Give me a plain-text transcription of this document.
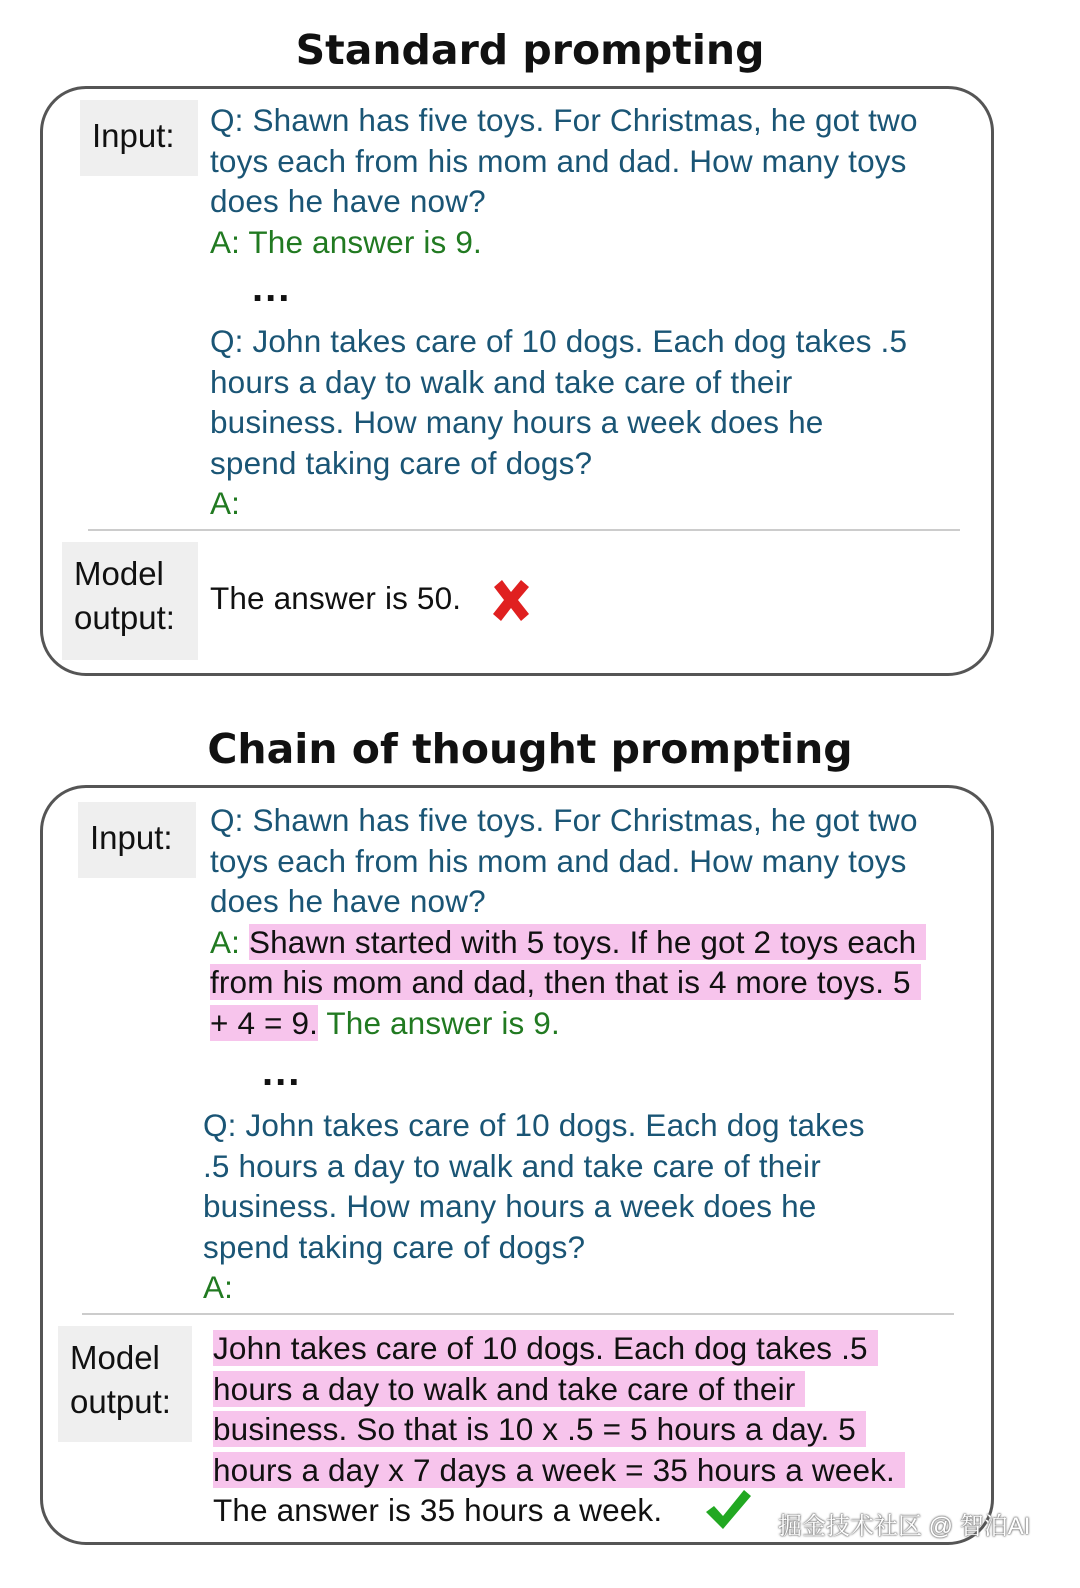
Standard prompting
Input:	Q: Shawn has five toys. For Christmas, he got two
toys each from his mom and dad. How many toys
does he have now?
A: The answer is 9.
...
Q: John takes care of 10 dogs. Each dog takes .5
hours a day to walk and take care of their
business. How many hours a week does he
spend taking care of dogs?
A:
Model
output:
The answer is 50.
Chain of thought prompting
Input:	Q: Shawn has five toys. For Christmas, he got two
toys each from his mom and dad. How many toys
does he have now?
A: Shawn started with 5 toys. If he got 2 toys each
from his mom and dad, then that is 4 more toys. 5
+ 4 = 9. The answer is 9.
...
Q: John takes care of 10 dogs. Each dog takes
.5 hours a day to walk and take care of their
business. How many hours a week does he
spend taking care of dogs?
A:
Model
output:
John takes care of 10 dogs. Each dog takes .5
hours a day to walk and take care of their
business. So that is 10 x .5 = 5 hours a day. 5
hours a day x 7 days a week = 35 hours a week.
The answer is 35 hours a week.	掘金技术社区 @ 智泊AI
